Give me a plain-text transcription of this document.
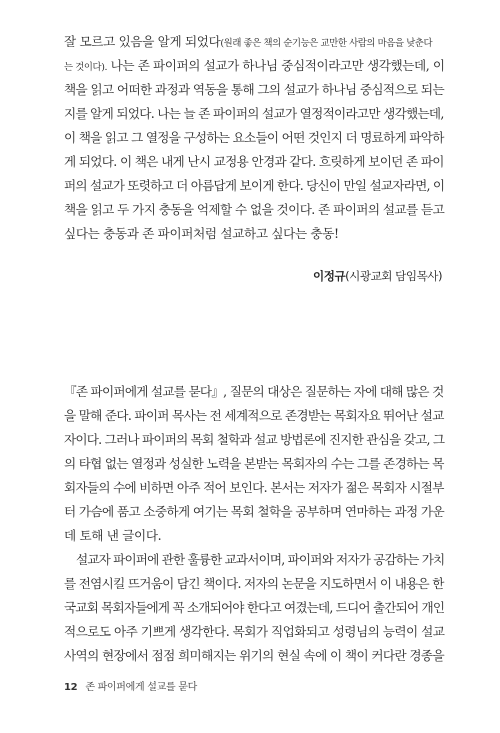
잘 모르고 있음을 알게 되었다(원래 좋은 책의 순기능은 교만한 사람의 마음을 낮춘다
는 것이다). 나는 존 파이퍼의 설교가 하나님 중심적이라고만 생각했는데, 이
책을 읽고 어떠한 과정과 역동을 통해 그의 설교가 하나님 중심적으로 되는
지를 알게 되었다. 나는 늘 존 파이퍼의 설교가 열정적이라고만 생각했는데,
이 책을 읽고 그 열정을 구성하는 요소들이 어떤 것인지 더 명료하게 파악하
게 되었다. 이 책은 내게 난시 교정용 안경과 같다. 흐릿하게 보이던 존 파이
퍼의 설교가 또렷하고 더 아름답게 보이게 한다. 당신이 만일 설교자라면, 이
책을 읽고 두 가지 충동을 억제할 수 없을 것이다. 존 파이퍼의 설교를 듣고
싶다는 충동과 존 파이퍼처럼 설교하고 싶다는 충동!
이정규(시광교회 담임목사)
『존 파이퍼에게 설교를 묻다』, 질문의 대상은 질문하는 자에 대해 많은 것
을 말해 준다. 파이퍼 목사는 전 세계적으로 존경받는 목회자요 뛰어난 설교
자이다. 그러나 파이퍼의 목회 철학과 설교 방법론에 진지한 관심을 갖고, 그
의 타협 없는 열정과 성실한 노력을 본받는 목회자의 수는 그를 존경하는 목
회자들의 수에 비하면 아주 적어 보인다. 본서는 저자가 젊은 목회자 시절부
터 가슴에 품고 소중하게 여기는 목회 철학을 공부하며 연마하는 과정 가운
데 토해 낸 글이다.
설교자 파이퍼에 관한 훌륭한 교과서이며, 파이퍼와 저자가 공감하는 가치
를 전염시킬 뜨거움이 담긴 책이다. 저자의 논문을 지도하면서 이 내용은 한
국교회 목회자들에게 꼭 소개되어야 한다고 여겼는데, 드디어 출간되어 개인
적으로도 아주 기쁘게 생각한다. 목회가 직업화되고 성령님의 능력이 설교
사역의 현장에서 점점 희미해지는 위기의 현실 속에 이 책이 커다란 경종을
12 존 파이퍼에게 설교를 묻다
